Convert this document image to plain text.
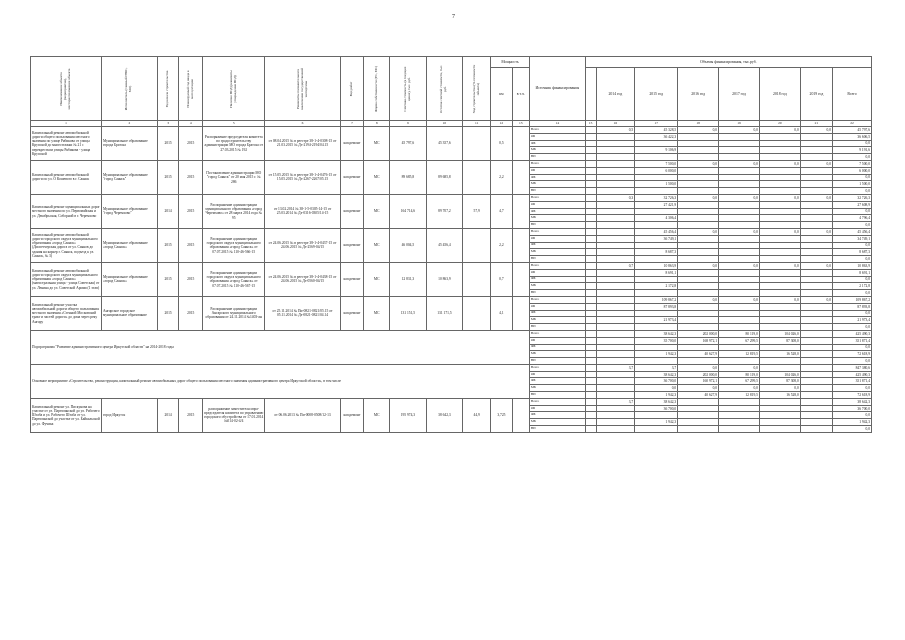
7
Наименование объекта (мероприятия), месторасположение объекта	Исполнитель (главный ГРБС, МО)	Год начала строительства	Планируемый год ввода в эксплуатацию	Наличие ПСД (реквизиты утверждения ПСД)	Реквизиты положительного заключения государственной экспертизы	Вид работ	Форма собственности (ГС, МС)	Сметная стоимость (в текущих ценах), тыс. руб.	Остаток сметной стоимости, тыс. руб.	Ход строительства (% готовности объекта)	Мощность		Источник финансирования	Объемы финансирования, тыс.руб.							
											км	в т.ч.			2014 год	2015 год	2016 год	2017 год	2018 год	2019 год	Всего
1	2	3	4	5	6	7	8	9	10	11	12	13	14	15	16	17	18	19	20	21	22
Капитальный ремонт автомобильной дороги общего пользования местного значения по улице Рябикова от улицы Крупской до многоэтажки № 21 с перекрестком улицы Рябикова - улица Крупской	Муниципальное образование города Братска	2015	2015	Распоряжение председателя комитета по градостроительству администрации МО города Братска от 27.03.2015 № 192	от 08.04.2015 № в реестре 38-1-4-0308-15 от 21.03.2015 № Дз-2194-2194/04.15	кап.ремонт	МС	45 797,6	45 357,6		0,5		Всего		0,5	45 328,5	0,0	0,0	0,0	0,0	45 797,6
													ОБ			36 422,3					36 606,5
													ФБ								0,0
													МБ			9 106,9					9 191,6
													ВИ								0,0
Капитальный ремонт автомобильной дороги по ул. О Кошевого в г. Саянск	Муниципальное образование "город Саянск"	2015	2015	Постановление администрации МО "город Саянск" от 20 мая 2015 г. № 286	от 15.05.2015 № в реестре 38-1-4-0476-15 от 15.05.2015 № Дз-2267-2267/05.15	кап.ремонт	МС	89 685,8	89 685,8		2,2		Всего			7 500,0	0,0	0,0	0,0	0,0	7 500,0
													ОБ			6 000,0					6 000,0
													ФБ								0,0
													МБ			1 500,0					1 500,0
													ВИ								0,0
Капитальный ремонт муниципальных дорог местного значения по ул. Первомайская и ул. Декабрьская, Соборной в г. Черемхово	Муниципальное образование "город Черемхово"	2014	2015	Распоряжение администрации муниципального образования «город Черемхово» от 28 марта 2014 года № 95	от 13.02.2014 № 38-1-5-0305-14-15 от 25.03.2014 № Дз-0316-0305/14-15	кап.ремонт	МС	164 714,6	89 707,2	57,9	4,7		Всего		0,3	32 726,3	0,0	0,0	0,0	0,0	32 726,3
													ОБ			27 421,9					27 608,9
													ФБ								0,0
													МБ			4 306,4					4 796,4
													ВИ								0,0
Капитальный ремонт автомобильной дороги городского округа муниципального образования «город Саянск» (Диспетчерская дорога от ул. Саянов до здания на карьер г. Саянск, подъезд к ул. Саянск, № 3)	Муниципальное образование «город Саянск»	2015	2015	Распоряжение администрации городского округа муниципального образования «город Саянск» от 07.07.2015 № 110-46-566-15	от 24.06.2015 № в реестре 38-1-4-0437-15 от 24.06.2015 № Дз-2569-04/15	кап.ремонт	МС	46 004,5	45 456,4		2,2		Всего			45 456,4	0,0	0,0	0,0	0,0	45 456,4
													ОБ			36 749,1					34 749,1
													ФБ								0,0
													МБ			8 687,3					8 687,3
													ВИ								0,0
Капитальный ремонт автомобильной дороги городского округа муниципального образования «город Саянск» (магистральная улица - улица Советская) от ул. Ленина до ул. Советской Армии (1 этап)	Муниципальное образование «город Саянск»	2015	2015	Распоряжение администрации городского округа муниципального образования «город Саянск» от 07.07.2015 № 110-46-567-15	от 24.06.2015 № в реестре 38-1-4-0438-15 от 24.06.2015 № Дз-0560-04/15	кап.ремонт	МС	12 831,3	10 863,9		0,7		Всего		0,7	10 863,9	0,0	0,0	0,0	0,0	10 863,9
													ОБ			8 691,1					8 691,1
													ФБ								0,0
													МБ			2 172,8					2 172,8
													ВИ								0,0
Капитальный ремонт участка автомобильной дороги общего пользования местного значения «Стенной Московский тракт и частей дороги» до дома через реку Ангару	Ангарское городское муниципальное образование	2015	2015	Распоряжение администрации Ангарского муниципального образования от 24.11.2014 №1403-ан	от 25.11.2014 № Пи-0821-0821/05.15 от 05.11.2014 № Дз-0821-0821/04.14	кап.ремонт	МС	131 151,5	131 171,5		4,1		Всего			109 867,2	0,0	0,0	0,0	0,0	109 867,2
													ОБ			87 893,8					87 893,8
													ФБ								0,0
													МБ			21 973,4					21 973,4
													ВИ								0,0
Подпрограмма "Развитие административного центра Иркутской области" на 2014-2018 годы													Всего			38 642,3	202 000,0	80 119,0	104 026,0		425 490,3
													ОБ			35 700,0	168 972,1	67 299,5	87 308,0		351 871,4
													ФБ								0,0
													МБ			1 942,3	40 627,9	12 819,5	16 528,0		72 618,9
													ВИ								0,0
Основное мероприятие «Строительство, реконструкция, капитальный ремонт автомобильных дорог общего пользования местного значения административного центра Иркутской области», в том числе													Всего		3,7	3,7	0,0	0,0			847 380,6
													ОБ			38 642,3	202 000,0	80 119,0	104 026,0		425 490,3
													ФБ			36 700,0	160 972,1	67 299,5	87 308,0		351 871,4
													МБ			0,0	0,0	0,0	0,0		0,0
													ВИ			1 942,3	40 627,9	12 819,5	16 528,0		72 618,9
Капитальный ремонт ул. Пискунова на участке от ул. Партизанской до ул. Рабочего Штаба и ул. Рабочего Штаба от ул. Партизанской до участке от ул. Байкальской до ул. Фучика	город Иркутск	2014	2015	распоряжение заместителя мэра-председателя комитета по управлению городского обустройства от 17.01.2014 №014-02-4/4	от 06.06.2013 № Пи-0008-0508/12-13	кап.ремонт	МС	195 974,3	38 642,3	44,9	3,725		Всего		3,7	38 642,3					38 642,3
													ОБ			36 700,0					36 700,0
													ФБ								0,0
													МБ			1 942,3					1 942,3
													ВИ								0,0
